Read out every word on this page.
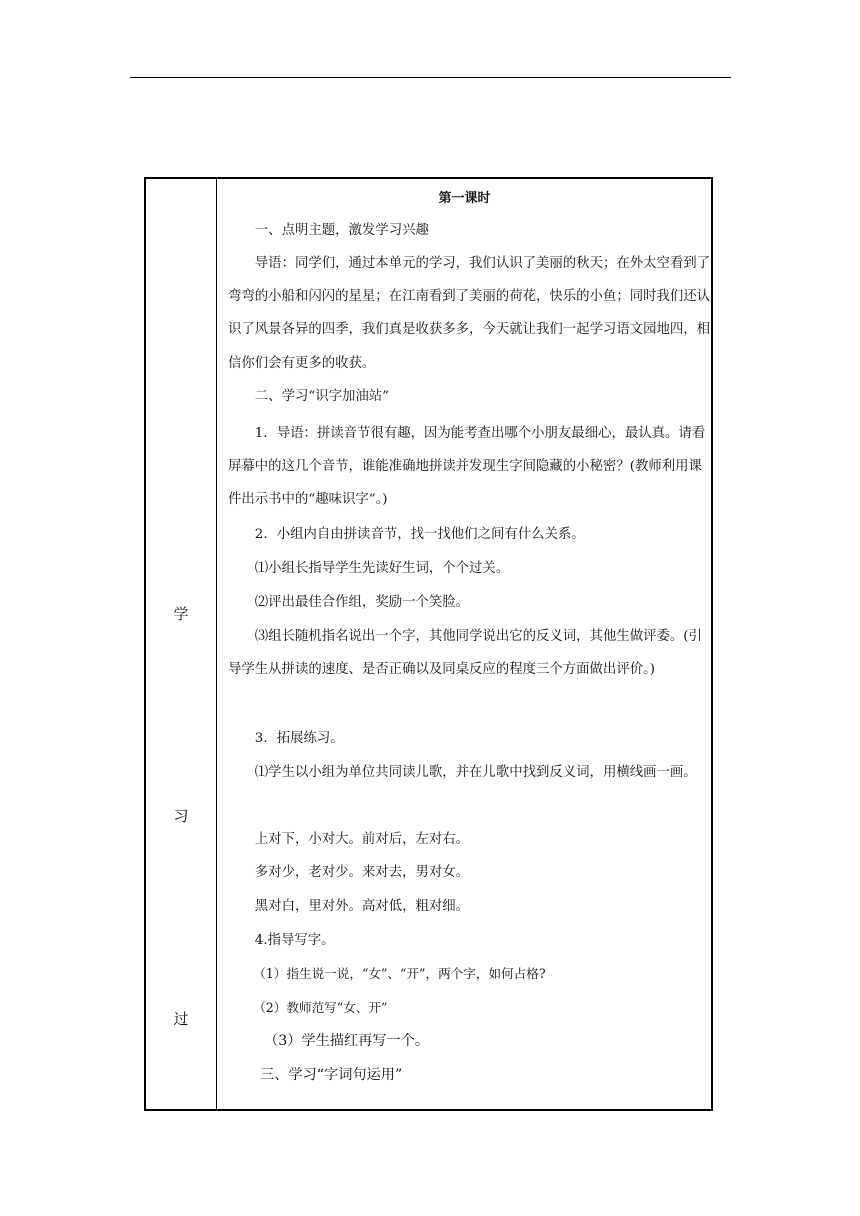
学
习
过
第一课时

一、点明主题，激发学习兴趣

导语：同学们，通过本单元的学习，我们认识了美丽的秋天；在外太空看到了弯弯的小船和闪闪的星星；在江南看到了美丽的荷花，快乐的小鱼；同时我们还认识了风景各异的四季，我们真是收获多多，今天就让我们一起学习语文园地四，相信你们会有更多的收获。

二、学习“识字加油站”

1．导语：拼读音节很有趣，因为能考查出哪个小朋友最细心，最认真。请看屏幕中的这几个音节，谁能准确地拼读并发现生字间隐藏的小秘密？(教师利用课件出示书中的“趣味识字”。)

2．小组内自由拼读音节，找一找他们之间有什么关系。

⑴小组长指导学生先读好生词，个个过关。

⑵评出最佳合作组，奖励一个笑脸。

⑶组长随机指名说出一个字，其他同学说出它的反义词，其他生做评委。(引导学生从拼读的速度、是否正确以及同桌反应的程度三个方面做出评价。)

3．拓展练习。

⑴学生以小组为单位共同读儿歌，并在儿歌中找到反义词，用横线画一画。

上对下，小对大。前对后，左对右。

多对少，老对少。来对去，男对女。

黑对白，里对外。高对低，粗对细。

4.指导写字。

（1）指生说一说，“女”、“开”，两个字，如何占格?

（2）教师范写“女、开”

（3）学生描红再写一个。

三、学习“字词句运用”
